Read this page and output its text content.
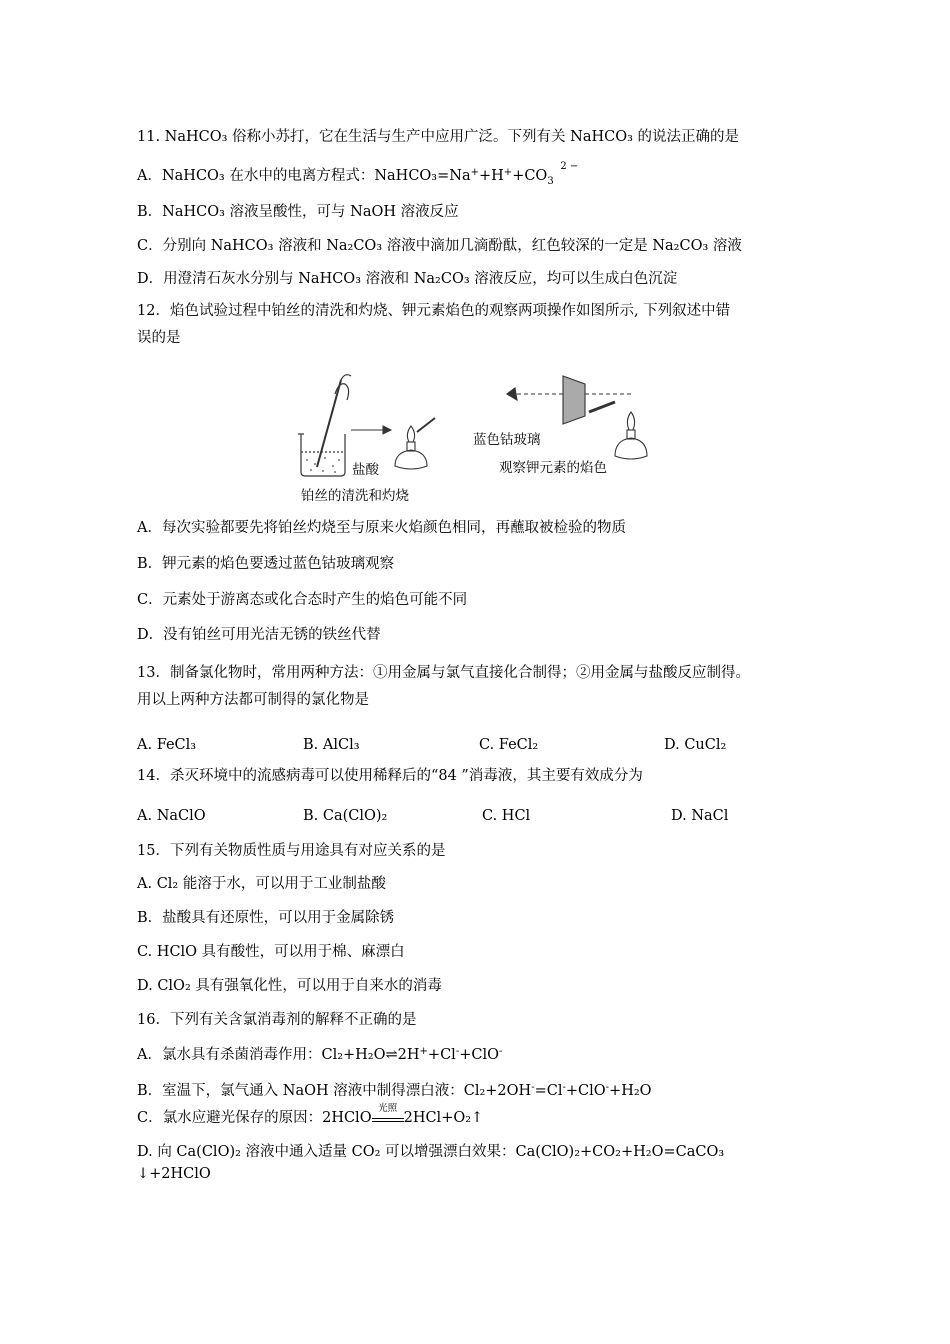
11. NaHCO₃ 俗称小苏打，它在生活与生产中应用广泛。下列有关 NaHCO₃ 的说法正确的是
A．NaHCO₃ 在水中的电离方程式：$NaHCO_3=Na^++H^++CO_3$
2 −
B．NaHCO₃ 溶液呈酸性，可与 NaOH 溶液反应
C．分别向 NaHCO₃ 溶液和 Na₂CO₃ 溶液中滴加几滴酚酞，红色较深的一定是 Na₂CO₃ 溶液
D．用澄清石灰水分别与 NaHCO₃ 溶液和 Na₂CO₃ 溶液反应，均可以生成白色沉淀
12．焰色试验过程中铂丝的清洗和灼烧、钾元素焰色的观察两项操作如图所示, 下列叙述中错
误的是
盐酸
铂丝的清洗和灼烧
蓝色钴玻璃
观察钾元素的焰色
A．每次实验都要先将铂丝灼烧至与原来火焰颜色相同，再蘸取被检验的物质
B．钾元素的焰色要透过蓝色钴玻璃观察
C．元素处于游离态或化合态时产生的焰色可能不同
D．没有铂丝可用光洁无锈的铁丝代替
13．制备氯化物时，常用两种方法：①用金属与氯气直接化合制得；②用金属与盐酸反应制得。
用以上两种方法都可制得的氯化物是
A. FeCl₃	B. AlCl₃	C. FeCl₂	D. CuCl₂
14．杀灭环境中的流感病毒可以使用稀释后的“84 ”消毒液，其主要有效成分为
A. NaClO	B. Ca(ClO)₂	C. HCl	D. NaCl
15．下列有关物质性质与用途具有对应关系的是
A. Cl₂ 能溶于水，可以用于工业制盐酸
B．盐酸具有还原性，可以用于金属除锈
C. HClO 具有酸性，可以用于棉、麻漂白
D. ClO₂ 具有强氧化性，可以用于自来水的消毒
16．下列有关含氯消毒剂的解释不正确的是
A．氯水具有杀菌消毒作用：Cl₂+H₂O⇌2H++Cl-+ClO-
B．室温下，氯气通入 NaOH 溶液中制得漂白液：Cl₂+2OH-=Cl-+ClO-+H₂O
C．氯水应避光保存的原因：2HClO
光照
2HCl+O₂↑
D. 向 Ca(ClO)₂ 溶液中通入适量 CO₂ 可以增强漂白效果：Ca(ClO)₂+CO₂+H₂O=CaCO₃
↓+2HClO
